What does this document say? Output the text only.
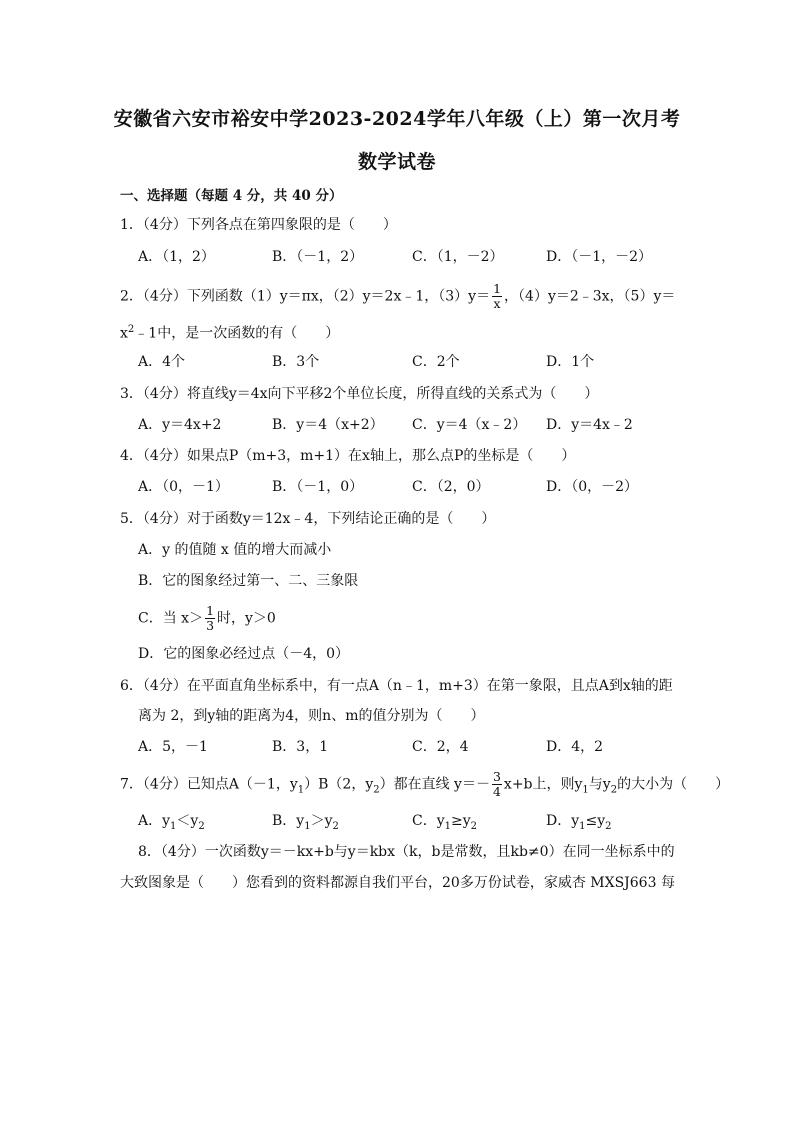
安徽省六安市裕安中学2023-2024学年八年级（上）第一次月考
数学试卷
一、选择题（每题 4 分，共 40 分）
1．（4分）下列各点在第四象限的是（　　）
A．（1，2）	B．（－1，2）	C．（1，－2）	D．（－1，－2）
2．（4分）下列函数（1）y＝πx，（2）y＝2x﹣1，$(3)y= \frac{1}{x}$ ，（4）y＝2﹣3x，（5）y＝
$x^2﹣1$中，是一次函数的有（　　）
A．4个	B．3个	C．2个	D．1个
3．（4分）将直线y＝4x向下平移2个单位长度，所得直线的关系式为（　　）
A．y＝4x+2	B．y＝4（x+2） C．y＝4（x﹣2） D．y＝4x﹣2
4．（4分）如果点P（m+3，m+1）在x轴上，那么点P的坐标是（　　）
A．（0，－1）	B．（－1，0）	C．（2，0）	D．（0，－2）
5．（4分）对于函数y＝12x﹣4，下列结论正确的是（　　）
A．y 的值随 x 值的增大而减小
B．它的图象经过第一、二、三象限
C．当 $x> \frac{1}{3}$ 时，y＞0
D．它的图象必经过点（－4，0）
6．（4分）在平面直角坐标系中，有一点A（n﹣1，m+3）在第一象限，且点A到x轴的距
离为 2，到y轴的距离为4，则n、m的值分别为（　　）
A．5，－1	B．3，1	C．2，4	D．4，2
7．（4分）已知点A（－1，$y_1)B(2$，$y_2$）都在直线 $y=- \frac{3}{4} x+b$上，则$y_1$与$y_2$的大小为（　　）
A．$y_1<y_2$	B．$y_1>y_2$	C．$y_1\ge y_2$	D．$y_1\le y_2$
8．（4分）一次函数y＝－kx+b与y＝kbx（k，b是常数，且kb≠0）在同一坐标系中的
大致图象是（　　）您看到的资料都源自我们平台，20多万份试卷，家威杏 MXSJ663 每
